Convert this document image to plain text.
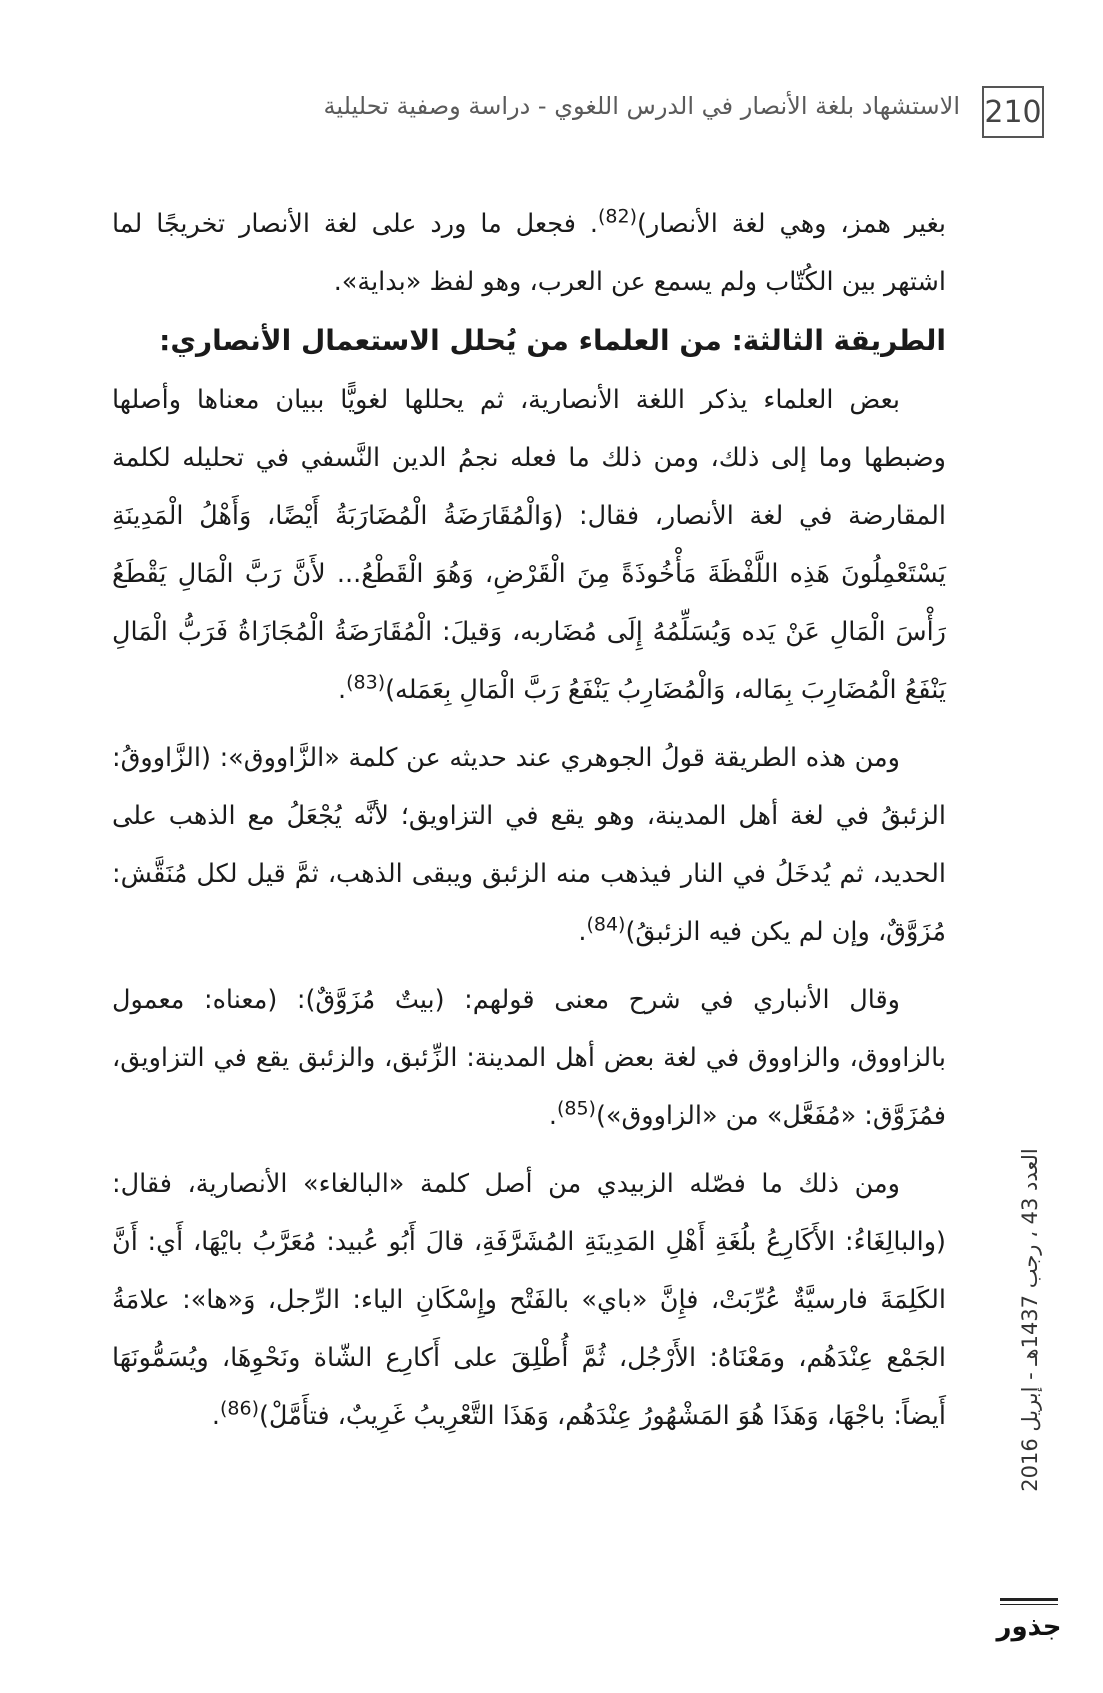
210
الاستشهاد بلغة الأنصار في الدرس اللغوي - دراسة وصفية تحليلية

بغير همز، وهي لغة الأنصار)$^{(82)}$. فجعل ما ورد على لغة الأنصار تخريجًا لما اشتهر بين الكُتّاب ولم يسمع عن العرب، وهو لفظ «بداية».

الطريقة الثالثة: من العلماء من يُحلل الاستعمال الأنصاري:

بعض العلماء يذكر اللغة الأنصارية، ثم يحللها لغويًّا ببيان معناها وأصلها وضبطها وما إلى ذلك، ومن ذلك ما فعله نجمُ الدين النَّسفي في تحليله لكلمة المقارضة في لغة الأنصار، فقال: (وَالْمُقَارَضَةُ الْمُضَارَبَةُ أَيْضًا، وَأَهْلُ الْمَدِينَةِ يَسْتَعْمِلُونَ هَذِه اللَّفْظَةَ مَأْخُوذَةً مِنَ الْقَرْضِ، وَهُوَ الْقَطْعُ... لأَنَّ رَبَّ الْمَالِ يَقْطَعُ رَأْسَ الْمَالِ عَنْ يَده وَيُسَلِّمُهُ إِلَى مُضَاربه، وَقيلَ: الْمُقَارَضَةُ الْمُجَازَاةُ فَرَبُّ الْمَالِ يَنْفَعُ الْمُضَارِبَ بِمَاله، وَالْمُضَارِبُ يَنْفَعُ رَبَّ الْمَالِ بِعَمَله)$^{(83)}$.

ومن هذه الطريقة قولُ الجوهري عند حديثه عن كلمة «الزَّاووق»: (الزَّاووقُ: الزئبقُ في لغة أهل المدينة، وهو يقع في التزاويق؛ لأنَّه يُجْعَلُ مع الذهب على الحديد، ثم يُدخَلُ في النار فيذهب منه الزئبق ويبقى الذهب، ثمَّ قيل لكل مُنَقَّش: مُزَوَّقٌ، وإن لم يكن فيه الزئبقُ)$^{(84)}$.

وقال الأنباري في شرح معنى قولهم: (بيتٌ مُزَوَّقٌ): (معناه: معمول بالزاووق، والزاووق في لغة بعض أهل المدينة: الزِّئبق، والزئبق يقع في التزاويق، فمُزَوَّق: «مُفَعَّل» من «الزاووق»)$^{(85)}$.

ومن ذلك ما فصّله الزبيدي من أصل كلمة «البالغاء» الأنصارية، فقال: (والبالِغَاءُ: الأَكَارِعُ بلُغَةِ أَهْلِ المَدِينَةِ المُشَرَّفَةِ، قالَ أَبُو عُبيد: مُعَرَّبُ بايْهَا، أَي: أَنَّ الكَلِمَةَ فارسيَّةٌ عُرِّبَتْ، فإِنَّ «باي» بالفَتْح وإِسْكَانِ الياء: الرِّجل، وَ«ها»: علامَةُ الجَمْع عِنْدَهُم، ومَعْنَاهُ: الأَرْجُل، ثُمَّ أُطْلِقَ على أَكارِع الشّاة ونَحْوِهَا، ويُسَمُّونَهَا أَيضاً: باجْهَا، وَهَذَا هُوَ المَشْهُورُ عِنْدَهُم، وَهَذَا التَّعْرِيبُ غَرِيبٌ، فتأَمَّلْ)$^{(86)}$.

العدد 43 ، رجب 1437هـ - إبريل 2016
جذور
